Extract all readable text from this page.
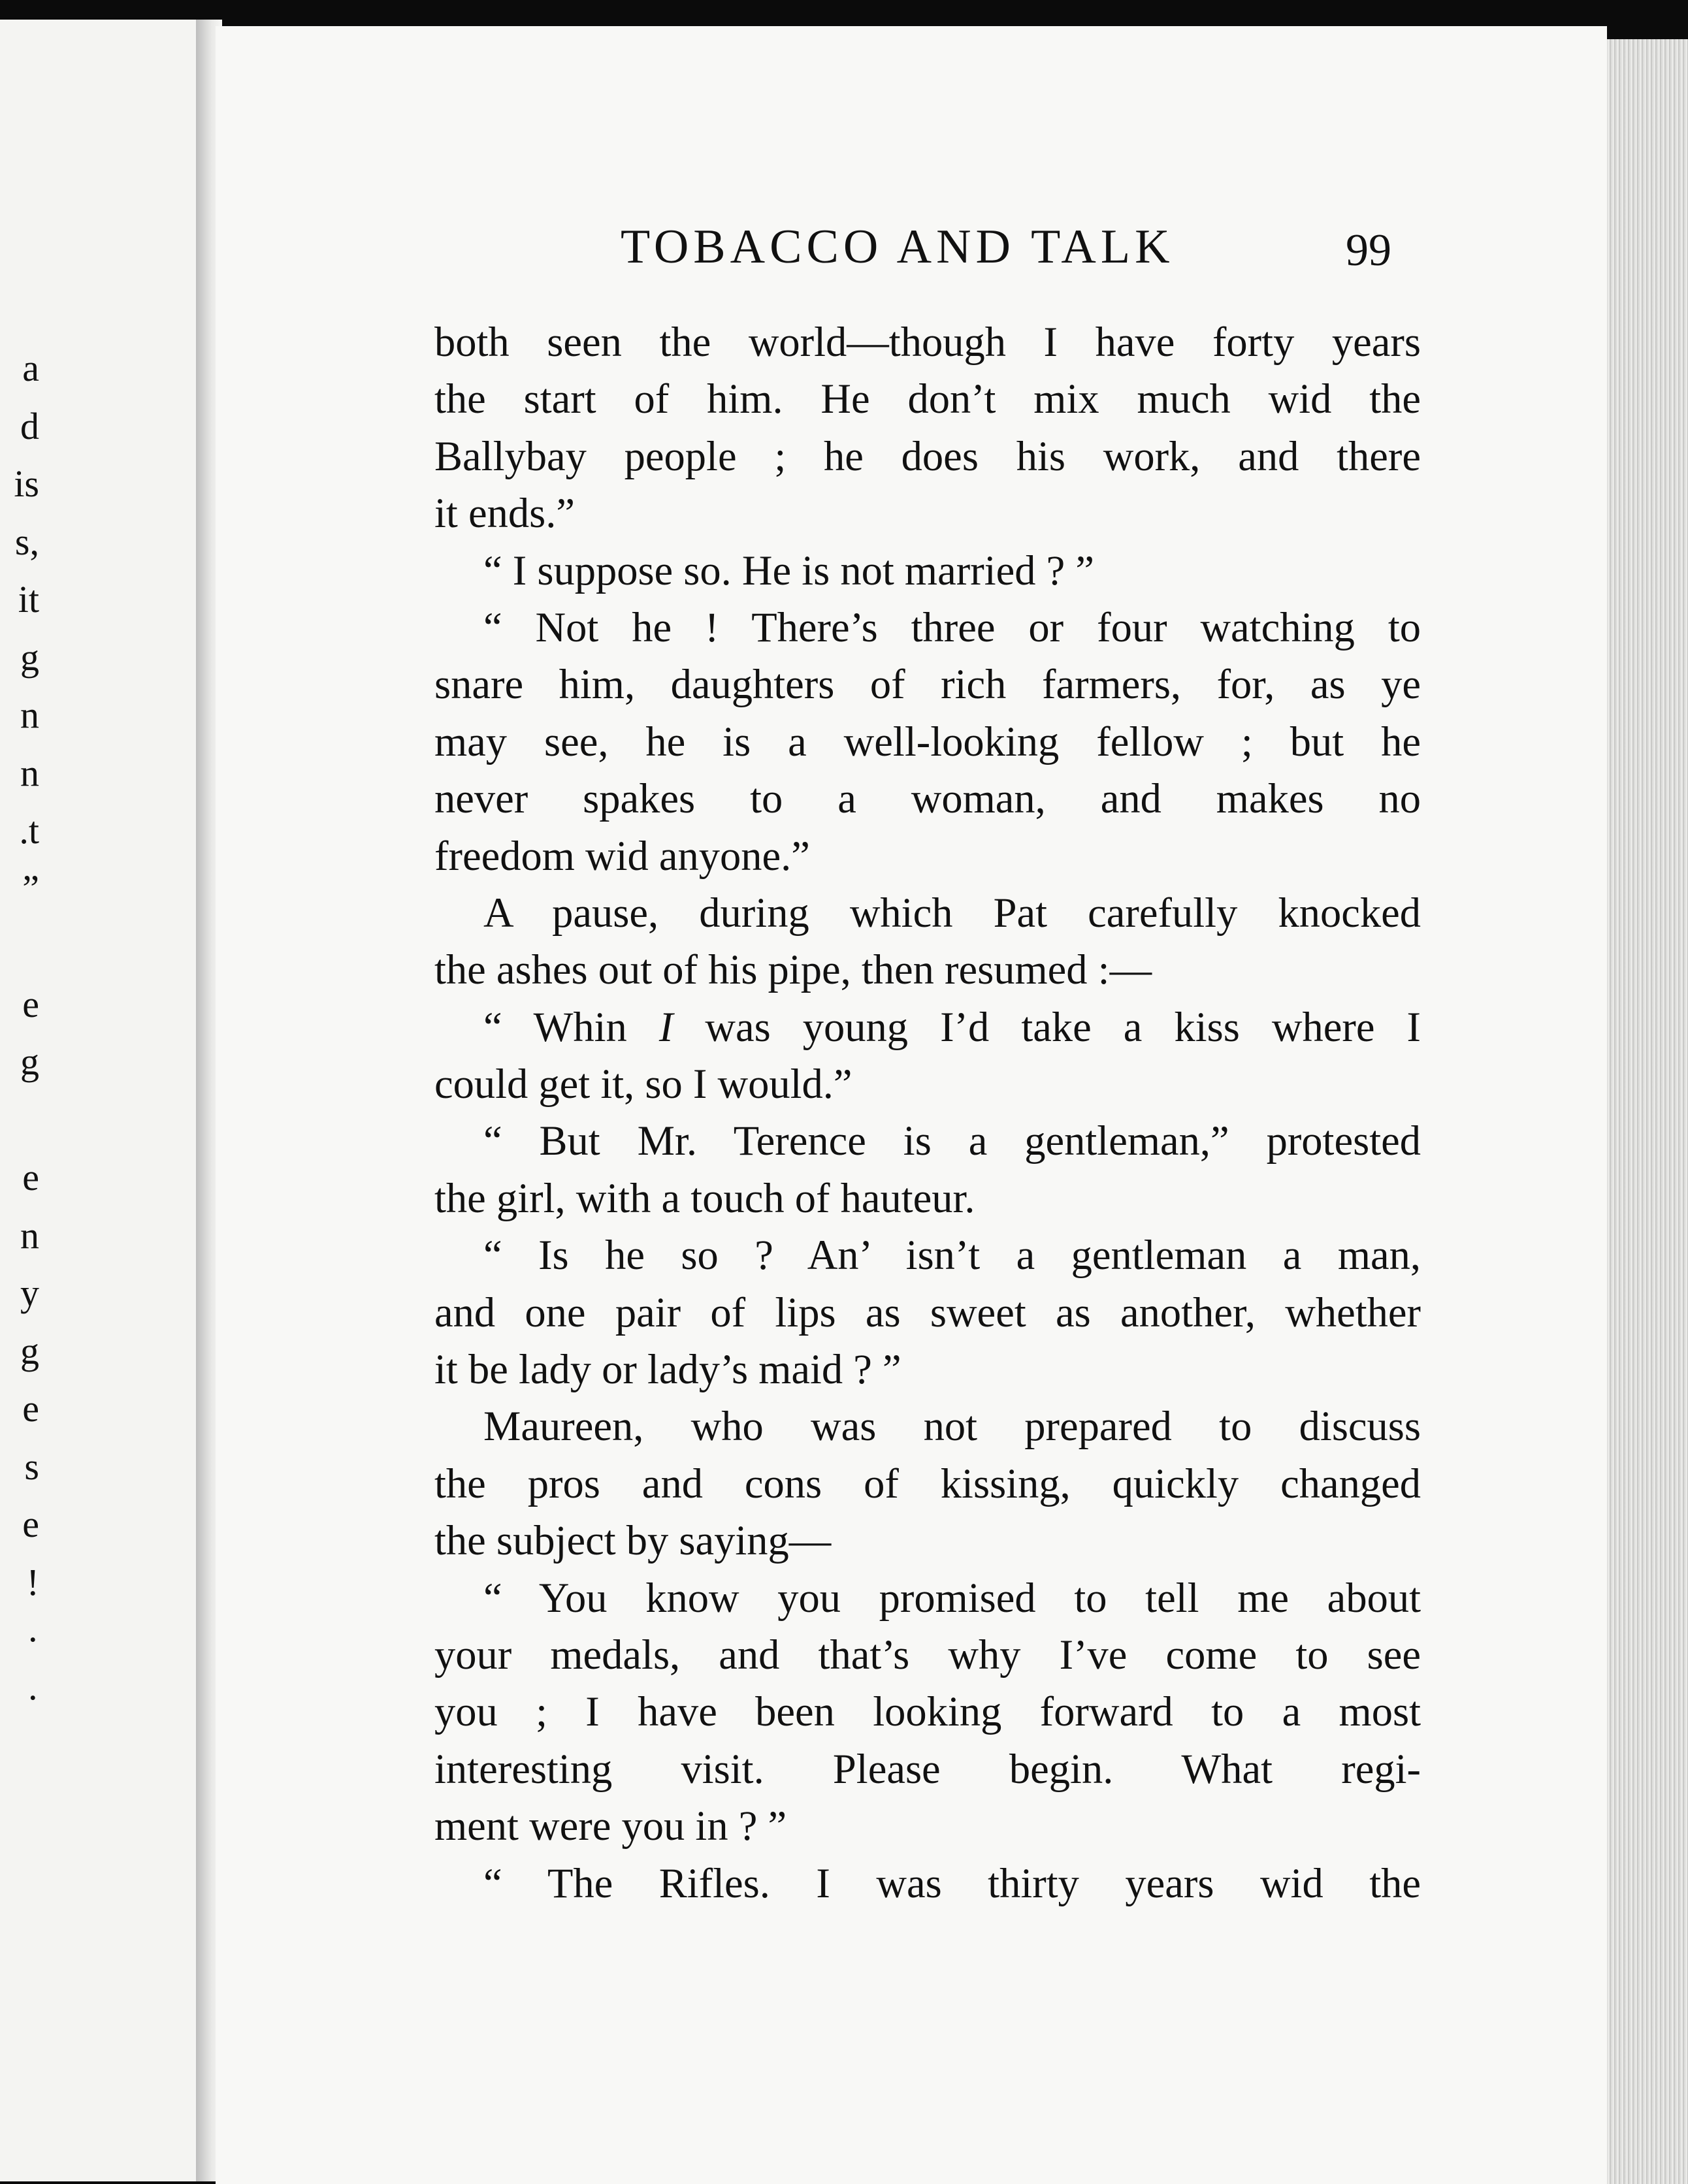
a
d
is
s,
it
g
n
n
.t
”
e
g
e
n
y
g
e
s
e
!
·
·
TOBACCO AND TALK	99
both seen the world—though I have forty years
the start of him. He don’t mix much wid the
Ballybay people ; he does his work, and there
it ends.”
“ I suppose so. He is not married ? ”
“ Not he ! There’s three or four watching to
snare him, daughters of rich farmers, for, as ye
may see, he is a well-looking fellow ; but he
never spakes to a woman, and makes no
freedom wid anyone.”
A pause, during which Pat carefully knocked
the ashes out of his pipe, then resumed :—
“ Whin I was young I’d take a kiss where I
could get it, so I would.”
“ But Mr. Terence is a gentleman,” protested
the girl, with a touch of hauteur.
“ Is he so ? An’ isn’t a gentleman a man,
and one pair of lips as sweet as another, whether
it be lady or lady’s maid ? ”
Maureen, who was not prepared to discuss
the pros and cons of kissing, quickly changed
the subject by saying—
“ You know you promised to tell me about
your medals, and that’s why I’ve come to see
you ; I have been looking forward to a most
interesting visit. Please begin. What regi-
ment were you in ? ”
“ The Rifles. I was thirty years wid the
